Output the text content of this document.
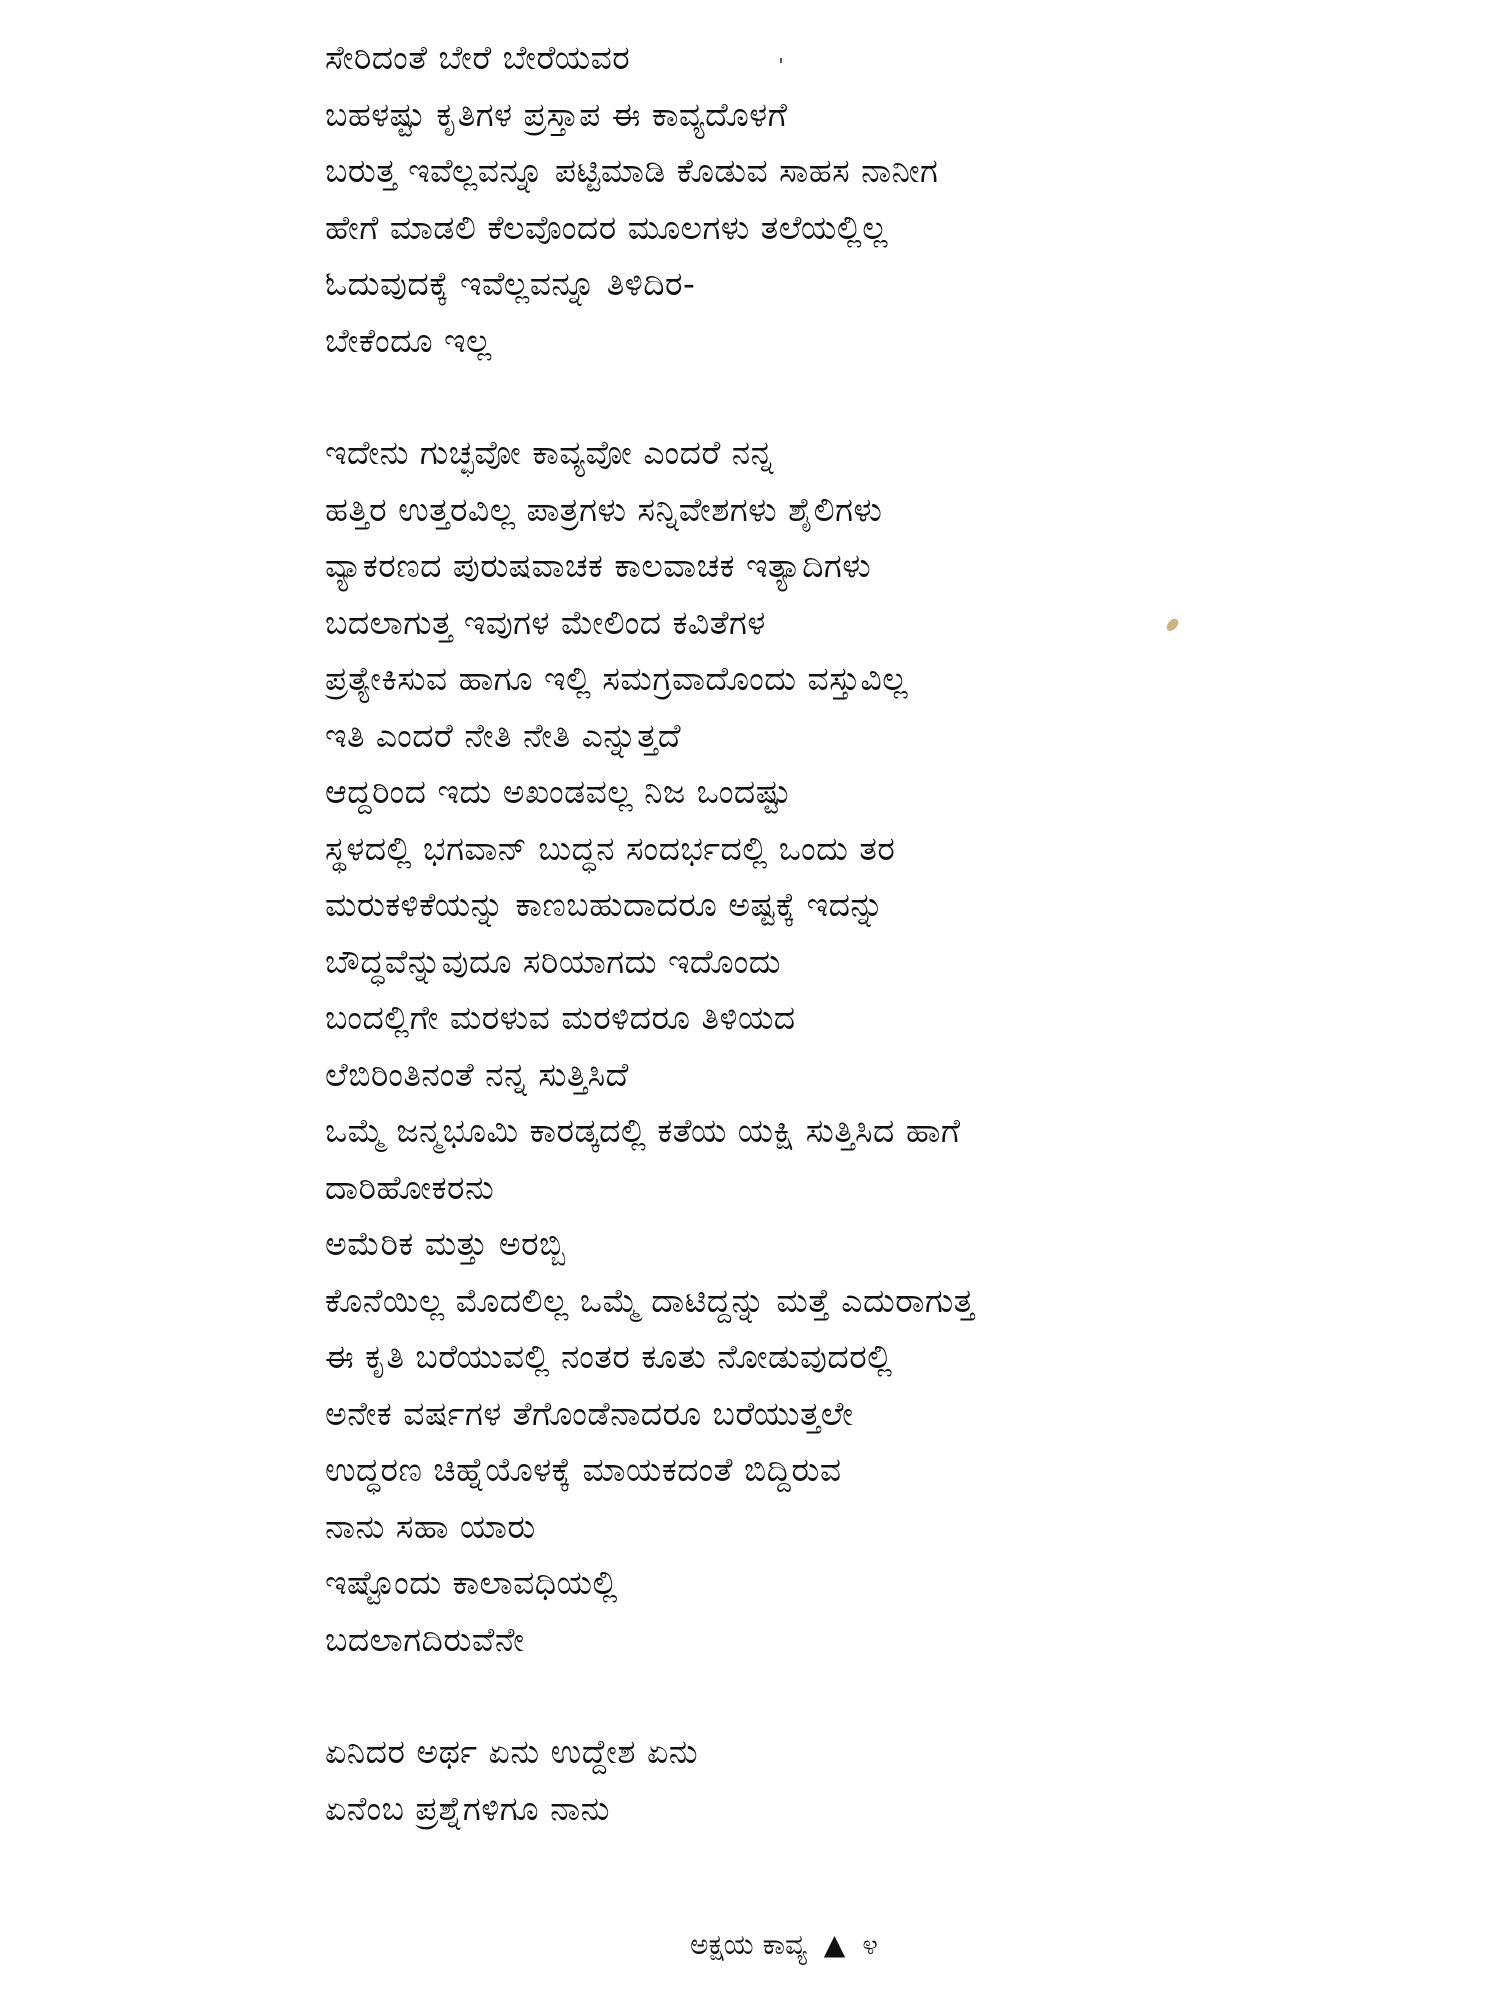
ಸೇರಿದಂತೆ ಬೇರೆ ಬೇರೆಯವರ
ಬಹಳಷ್ಟು ಕೃತಿಗಳ ಪ್ರಸ್ತಾಪ ಈ ಕಾವ್ಯದೊಳಗೆ
ಬರುತ್ತ ಇವೆಲ್ಲವನ್ನೂ ಪಟ್ಟಿಮಾಡಿ ಕೊಡುವ ಸಾಹಸ ನಾನೀಗ
ಹೇಗೆ ಮಾಡಲಿ ಕೆಲವೊಂದರ ಮೂಲಗಳು ತಲೆಯಲ್ಲಿಲ್ಲ
ಓದುವುದಕ್ಕೆ ಇವೆಲ್ಲವನ್ನೂ ತಿಳಿದಿರ-
ಬೇಕೆಂದೂ ಇಲ್ಲ
ಇದೇನು ಗುಚ್ಛವೋ ಕಾವ್ಯವೋ ಎಂದರೆ ನನ್ನ
ಹತ್ತಿರ ಉತ್ತರವಿಲ್ಲ ಪಾತ್ರಗಳು ಸನ್ನಿವೇಶಗಳು ಶೈಲಿಗಳು
ವ್ಯಾಕರಣದ ಪುರುಷವಾಚಕ ಕಾಲವಾಚಕ ಇತ್ಯಾದಿಗಳು
ಬದಲಾಗುತ್ತ ಇವುಗಳ ಮೇಲಿಂದ ಕವಿತೆಗಳ
ಪ್ರತ್ಯೇಕಿಸುವ ಹಾಗೂ ಇಲ್ಲಿ ಸಮಗ್ರವಾದೊಂದು ವಸ್ತುವಿಲ್ಲ
ಇತಿ ಎಂದರೆ ನೇತಿ ನೇತಿ ಎನ್ನುತ್ತದೆ
ಆದ್ದರಿಂದ ಇದು ಅಖಂಡವಲ್ಲ ನಿಜ ಒಂದಷ್ಟು
ಸ್ಥಳದಲ್ಲಿ ಭಗವಾನ್ ಬುದ್ಧನ ಸಂದರ್ಭದಲ್ಲಿ ಒಂದು ತರ
ಮರುಕಳಿಕೆಯನ್ನು ಕಾಣಬಹುದಾದರೂ ಅಷ್ಟಕ್ಕೆ ಇದನ್ನು
ಬೌದ್ಧವೆನ್ನುವುದೂ ಸರಿಯಾಗದು ಇದೊಂದು
ಬಂದಲ್ಲಿಗೇ ಮರಳುವ ಮರಳಿದರೂ ತಿಳಿಯದ
ಲೆಬಿರಿಂತಿನಂತೆ ನನ್ನ ಸುತ್ತಿಸಿದೆ
ಒಮ್ಮೆ ಜನ್ಮಭೂಮಿ ಕಾರಡ್ಕದಲ್ಲಿ ಕತೆಯ ಯಕ್ಷಿ ಸುತ್ತಿಸಿದ ಹಾಗೆ
ದಾರಿಹೋಕರನು
ಅಮೆರಿಕ ಮತ್ತು ಅರಬ್ಬಿ
ಕೊನೆಯಿಲ್ಲ ಮೊದಲಿಲ್ಲ ಒಮ್ಮೆ ದಾಟಿದ್ದನ್ನು ಮತ್ತೆ ಎದುರಾಗುತ್ತ
ಈ ಕೃತಿ ಬರೆಯುವಲ್ಲಿ ನಂತರ ಕೂತು ನೋಡುವುದರಲ್ಲಿ
ಅನೇಕ ವರ್ಷಗಳ ತೆಗೊಂಡೆನಾದರೂ ಬರೆಯುತ್ತಲೇ
ಉದ್ಧರಣ ಚಿಹ್ನೆಯೊಳಕ್ಕೆ ಮಾಯಕದಂತೆ ಬಿದ್ದಿರುವ
ನಾನು ಸಹಾ ಯಾರು
ಇಷ್ಟೊಂದು ಕಾಲಾವಧಿಯಲ್ಲಿ
ಬದಲಾಗದಿರುವೆನೇ
ಏನಿದರ ಅರ್ಥ ಏನು ಉದ್ದೇಶ ಏನು
ಏನೆಂಬ ಪ್ರಶ್ನೆಗಳಿಗೂ ನಾನು
ಅಕ್ಷಯ ಕಾವ್ಯ ▲ ೪
